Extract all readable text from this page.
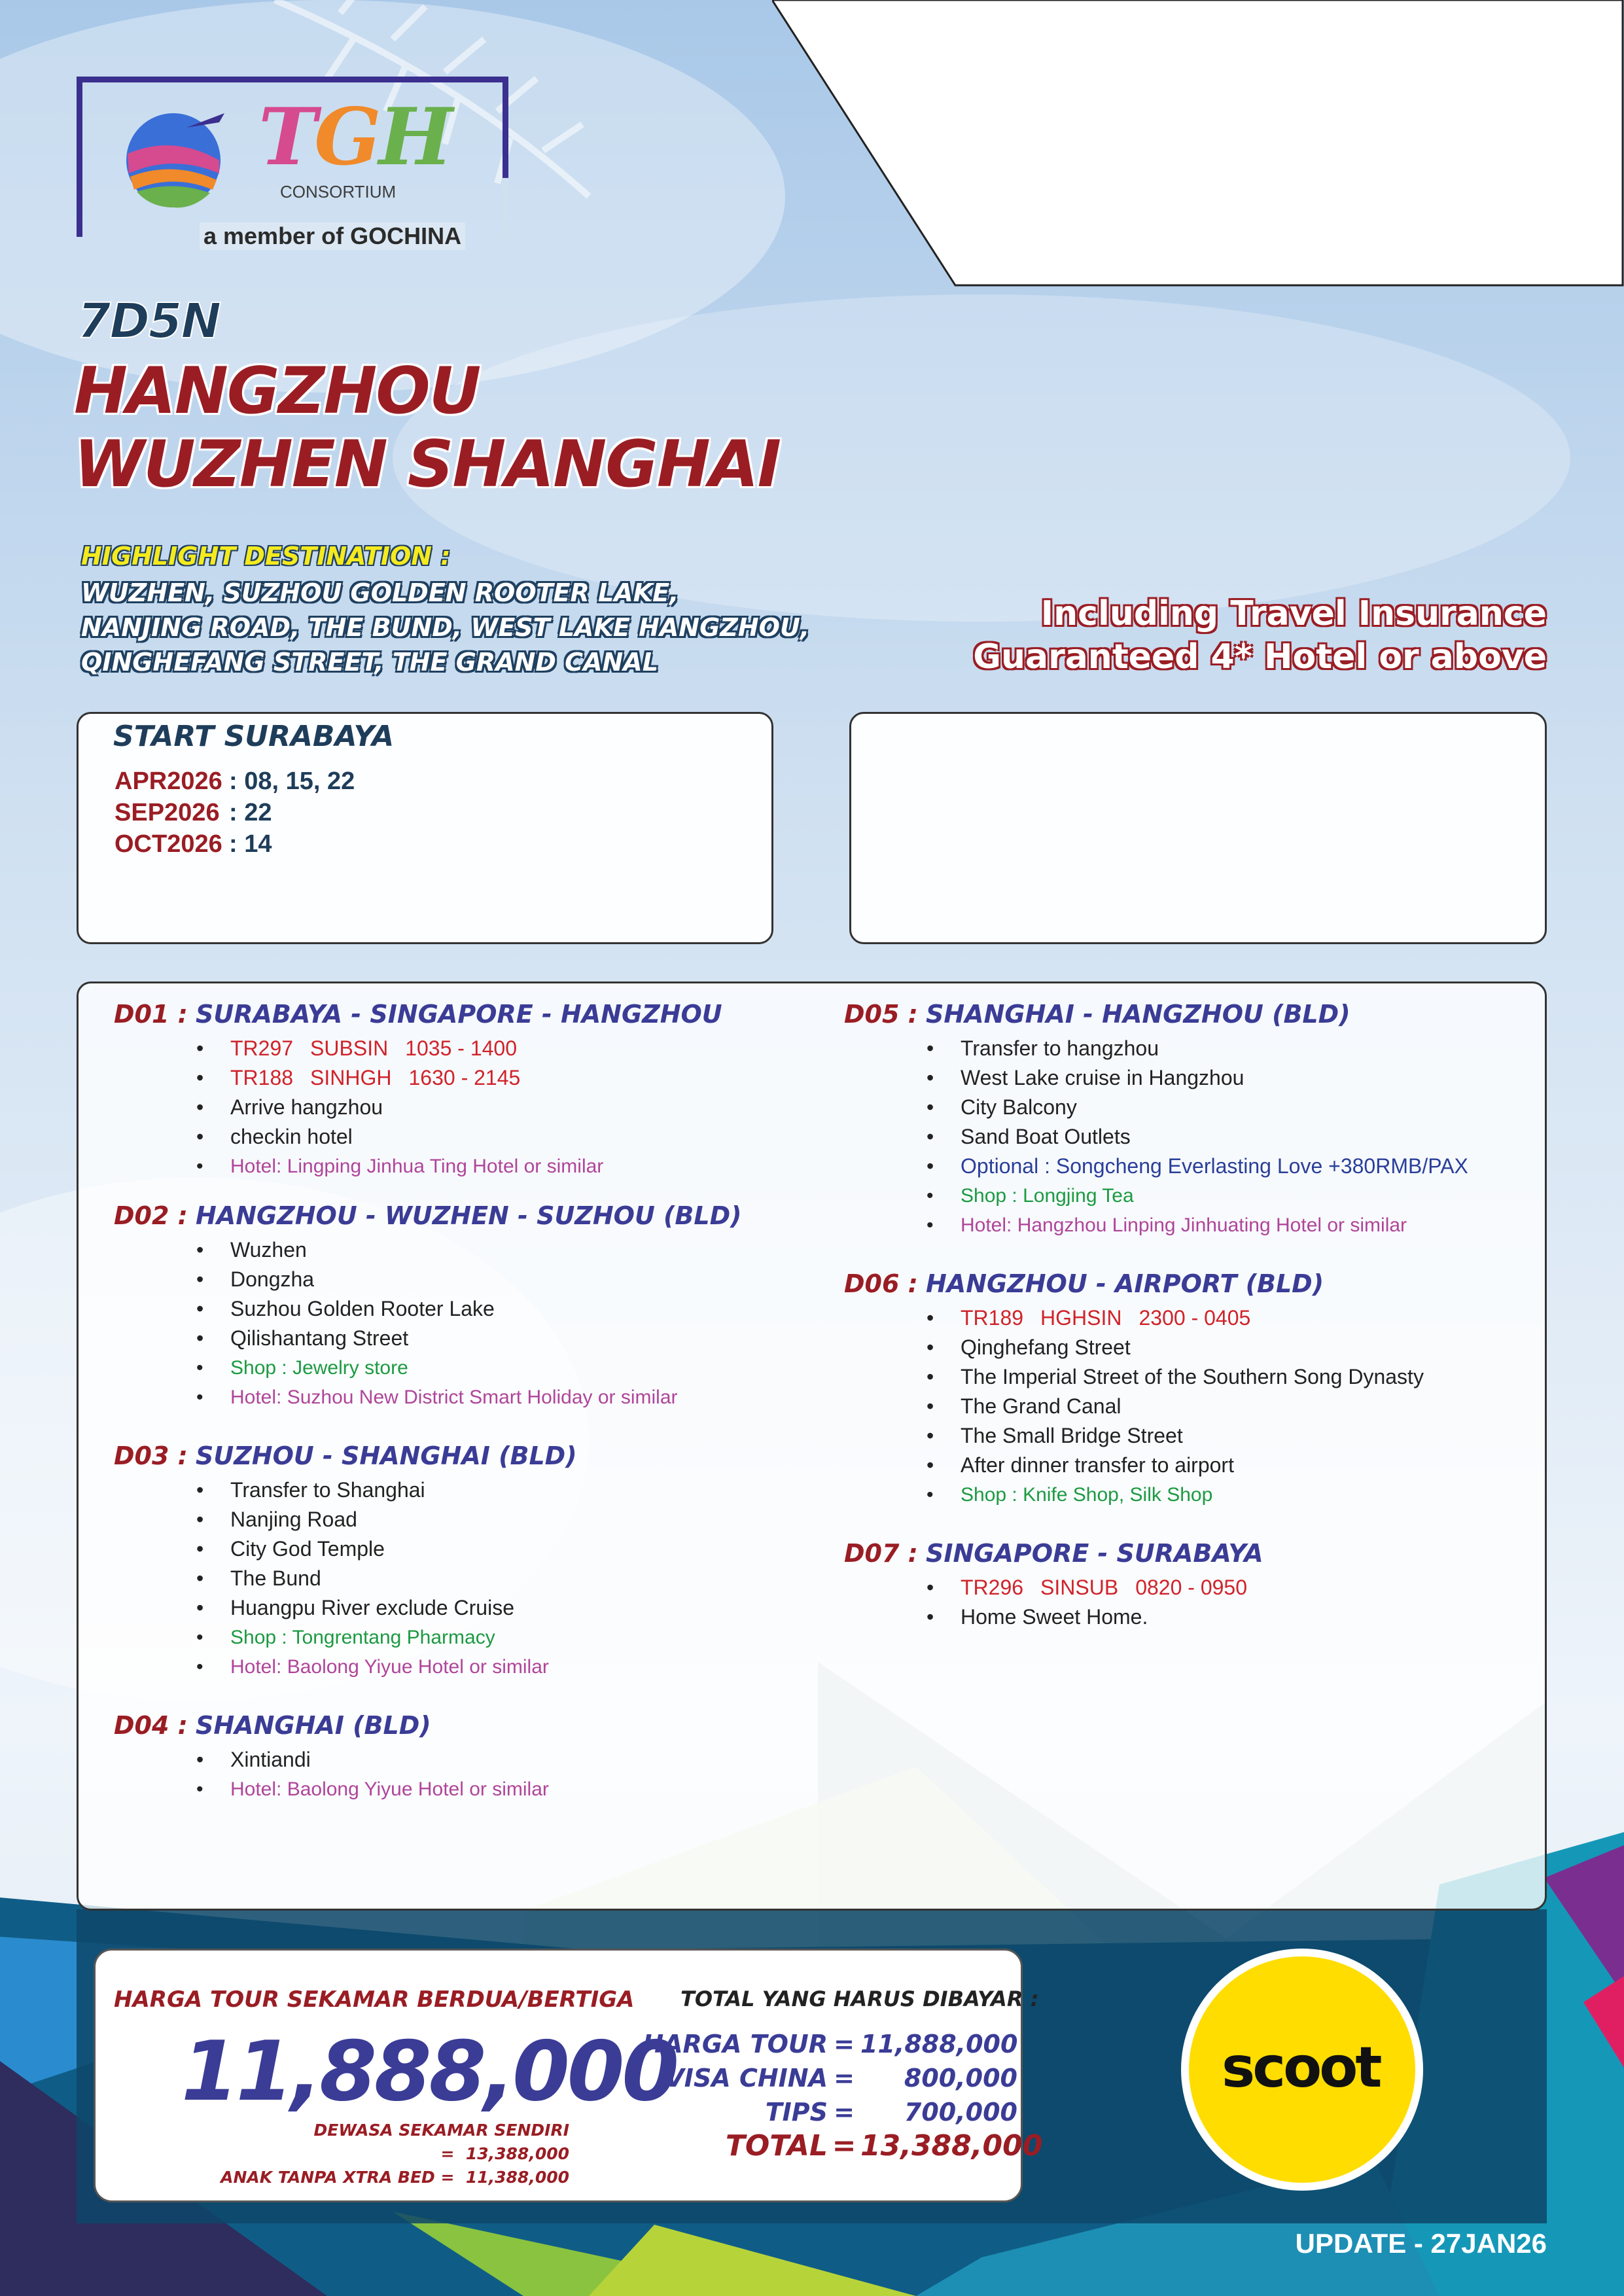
TGH
CONSORTIUM
a member of GOCHINA
7D5N
HANGZHOU
WUZHEN SHANGHAI
HIGHLIGHT DESTINATION :
WUZHEN, SUZHOU GOLDEN ROOTER LAKE,
NANJING ROAD, THE BUND, WEST LAKE HANGZHOU,
QINGHEFANG STREET, THE GRAND CANAL
Including Travel Insurance
Guaranteed 4* Hotel or above
START SURABAYA
APR2026 : 08, 15, 22
SEP2026 : 22
OCT2026 : 14
D01 : SURABAYA - SINGAPORE - HANGZHOU
• TR297 SUBSIN 1035 - 1400
• TR188 SINHGH 1630 - 2145
• Arrive hangzhou
• checkin hotel
• Hotel: Lingping Jinhua Ting Hotel or similar
D02 : HANGZHOU - WUZHEN - SUZHOU (BLD)
• Wuzhen
• Dongzha
• Suzhou Golden Rooter Lake
• Qilishantang Street
• Shop : Jewelry store
• Hotel: Suzhou New District Smart Holiday or similar
D03 : SUZHOU - SHANGHAI (BLD)
• Transfer to Shanghai
• Nanjing Road
• City God Temple
• The Bund
• Huangpu River exclude Cruise
• Shop : Tongrentang Pharmacy
• Hotel: Baolong Yiyue Hotel or similar
D04 : SHANGHAI (BLD)
• Xintiandi
• Hotel: Baolong Yiyue Hotel or similar
D05 : SHANGHAI - HANGZHOU (BLD)
• Transfer to hangzhou
• West Lake cruise in Hangzhou
• City Balcony
• Sand Boat Outlets
• Optional : Songcheng Everlasting Love +380RMB/PAX
• Shop : Longjing Tea
• Hotel: Hangzhou Linping Jinhuating Hotel or similar
D06 : HANGZHOU - AIRPORT (BLD)
• TR189 HGHSIN 2300 - 0405
• Qinghefang Street
• The Imperial Street of the Southern Song Dynasty
• The Grand Canal
• The Small Bridge Street
• After dinner transfer to airport
• Shop : Knife Shop, Silk Shop
D07 : SINGAPORE - SURABAYA
• TR296 SINSUB 0820 - 0950
• Home Sweet Home.
HARGA TOUR SEKAMAR BERDUA/BERTIGA
11,888,000
DEWASA SEKAMAR SENDIRI = 13,388,000
ANAK TANPA XTRA BED = 11,388,000
TOTAL YANG HARUS DIBAYAR :
HARGA TOUR = 11,888,000
VISA CHINA = 800,000
TIPS = 700,000
TOTAL = 13,388,000
scoot
UPDATE - 27JAN26
